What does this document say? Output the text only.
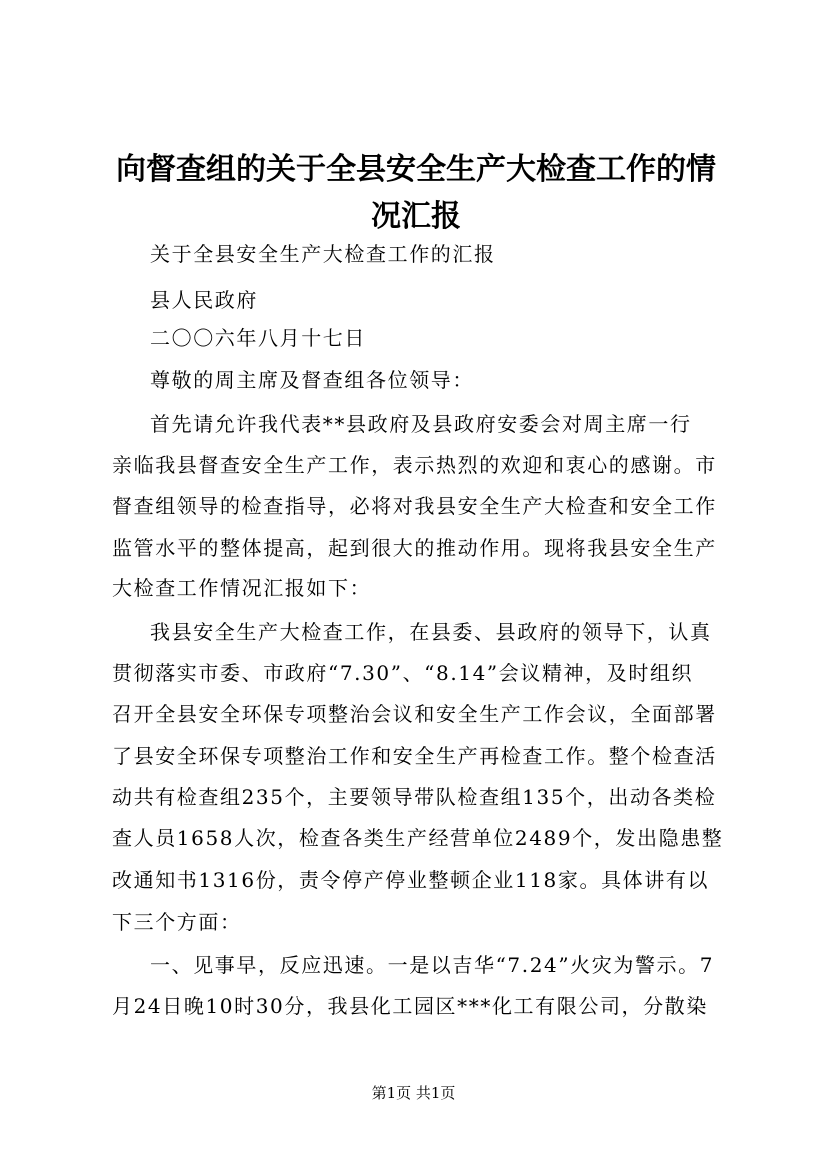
向督查组的关于全县安全生产大检查工作的情
况汇报
关于全县安全生产大检查工作的汇报
县人民政府
二〇〇六年八月十七日
尊敬的周主席及督查组各位领导：
首先请允许我代表**县政府及县政府安委会对周主席一行
亲临我县督查安全生产工作，表示热烈的欢迎和衷心的感谢。市
督查组领导的检查指导，必将对我县安全生产大检查和安全工作
监管水平的整体提高，起到很大的推动作用。现将我县安全生产
大检查工作情况汇报如下：
我县安全生产大检查工作，在县委、县政府的领导下，认真
贯彻落实市委、市政府“7.30”、“8.14”会议精神，及时组织
召开全县安全环保专项整治会议和安全生产工作会议，全面部署
了县安全环保专项整治工作和安全生产再检查工作。整个检查活
动共有检查组235个，主要领导带队检查组135个，出动各类检
查人员1658人次，检查各类生产经营单位2489个，发出隐患整
改通知书1316份，责令停产停业整顿企业118家。具体讲有以
下三个方面：
一、见事早，反应迅速。一是以吉华“7.24”火灾为警示。7
月24日晚10时30分，我县化工园区***化工有限公司，分散染
第1页 共1页
